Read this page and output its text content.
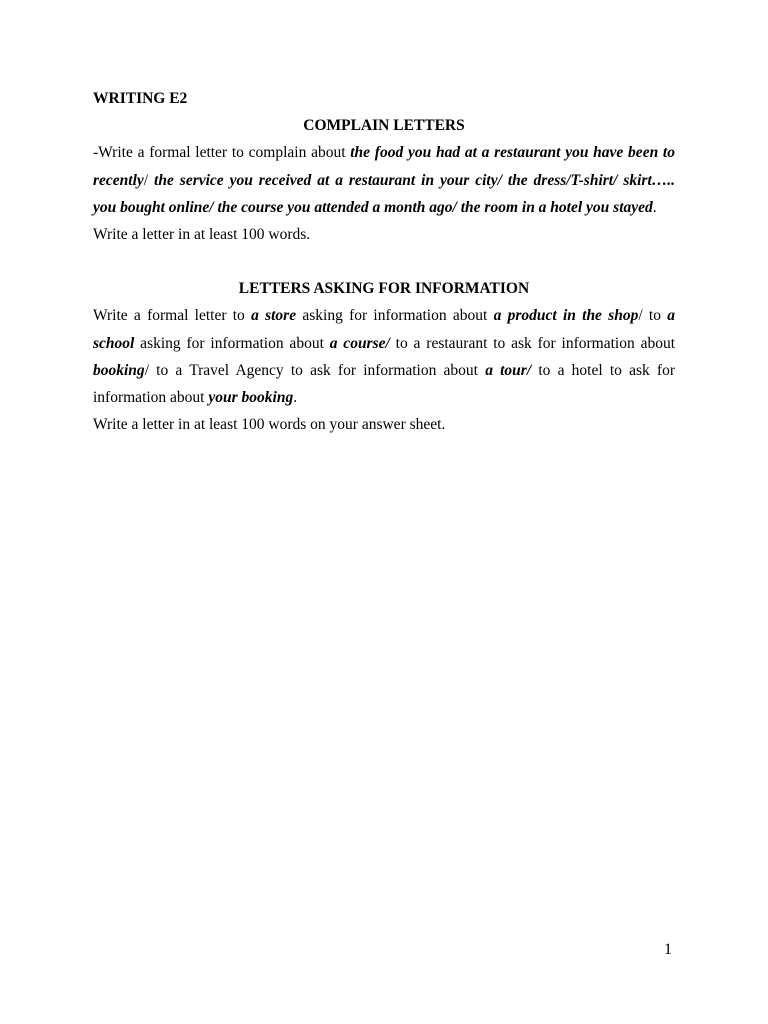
WRITING E2

COMPLAIN LETTERS

-Write a formal letter to complain about the food you had at a restaurant you have been to recently/ the service you received at a restaurant in your city/ the dress/T-shirt/ skirt….. you bought online/ the course you attended a month ago/ the room in a hotel you stayed.

Write a letter in at least 100 words.

LETTERS ASKING FOR INFORMATION

Write a formal letter to a store asking for information about a product in the shop/ to a school asking for information about a course/ to a restaurant to ask for information about booking/ to a Travel Agency to ask for information about a tour/ to a hotel to ask for information about your booking.

Write a letter in at least 100 words on your answer sheet.

1
